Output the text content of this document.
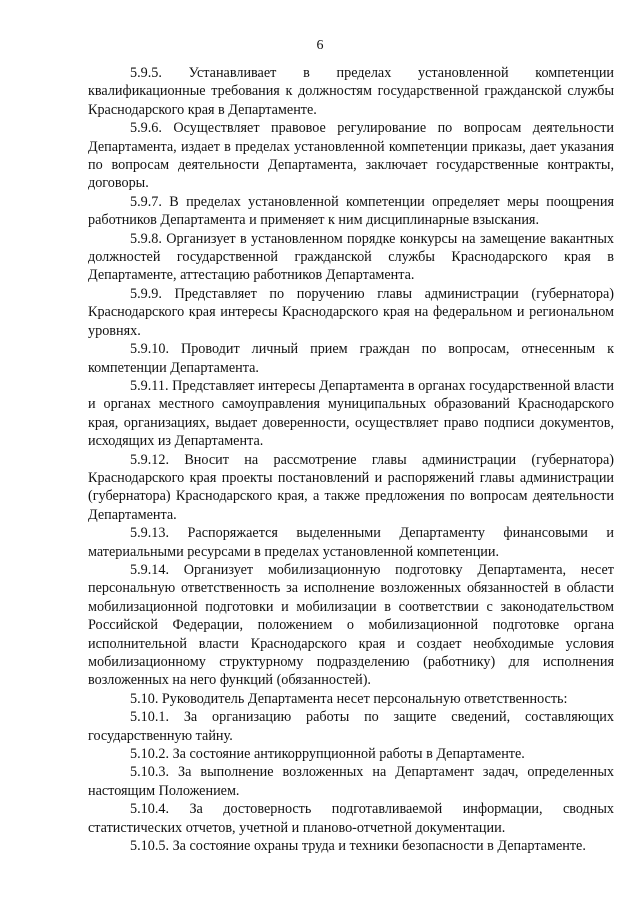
6

5.9.5. Устанавливает в пределах установленной компетенции квалификационные требования к должностям государственной гражданской службы Краснодарского края в Департаменте.

5.9.6. Осуществляет правовое регулирование по вопросам деятельности Департамента, издает в пределах установленной компетенции приказы, дает указания по вопросам деятельности Департамента, заключает государственные контракты, договоры.

5.9.7. В пределах установленной компетенции определяет меры поощрения работников Департамента и применяет к ним дисциплинарные взыскания.

5.9.8. Организует в установленном порядке конкурсы на замещение вакантных должностей государственной гражданской службы Краснодарского края в Департаменте, аттестацию работников Департамента.

5.9.9. Представляет по поручению главы администрации (губернатора) Краснодарского края интересы Краснодарского края на федеральном и региональном уровнях.

5.9.10. Проводит личный прием граждан по вопросам, отнесенным к компетенции Департамента.

5.9.11. Представляет интересы Департамента в органах государственной власти и органах местного самоуправления муниципальных образований Краснодарского края, организациях, выдает доверенности, осуществляет право подписи документов, исходящих из Департамента.

5.9.12. Вносит на рассмотрение главы администрации (губернатора) Краснодарского края проекты постановлений и распоряжений главы администрации (губернатора) Краснодарского края, а также предложения по вопросам деятельности Департамента.

5.9.13. Распоряжается выделенными Департаменту финансовыми и материальными ресурсами в пределах установленной компетенции.

5.9.14. Организует мобилизационную подготовку Департамента, несет персональную ответственность за исполнение возложенных обязанностей в области мобилизационной подготовки и мобилизации в соответствии с законодательством Российской Федерации, положением о мобилизационной подготовке органа исполнительной власти Краснодарского края и создает необходимые условия мобилизационному структурному подразделению (работнику) для исполнения возложенных на него функций (обязанностей).

5.10. Руководитель Департамента несет персональную ответственность:

5.10.1. За организацию работы по защите сведений, составляющих государственную тайну.

5.10.2. За состояние антикоррупционной работы в Департаменте.

5.10.3. За выполнение возложенных на Департамент задач, определенных настоящим Положением.

5.10.4. За достоверность подготавливаемой информации, сводных статистических отчетов, учетной и планово-отчетной документации.

5.10.5. За состояние охраны труда и техники безопасности в Департаменте.
